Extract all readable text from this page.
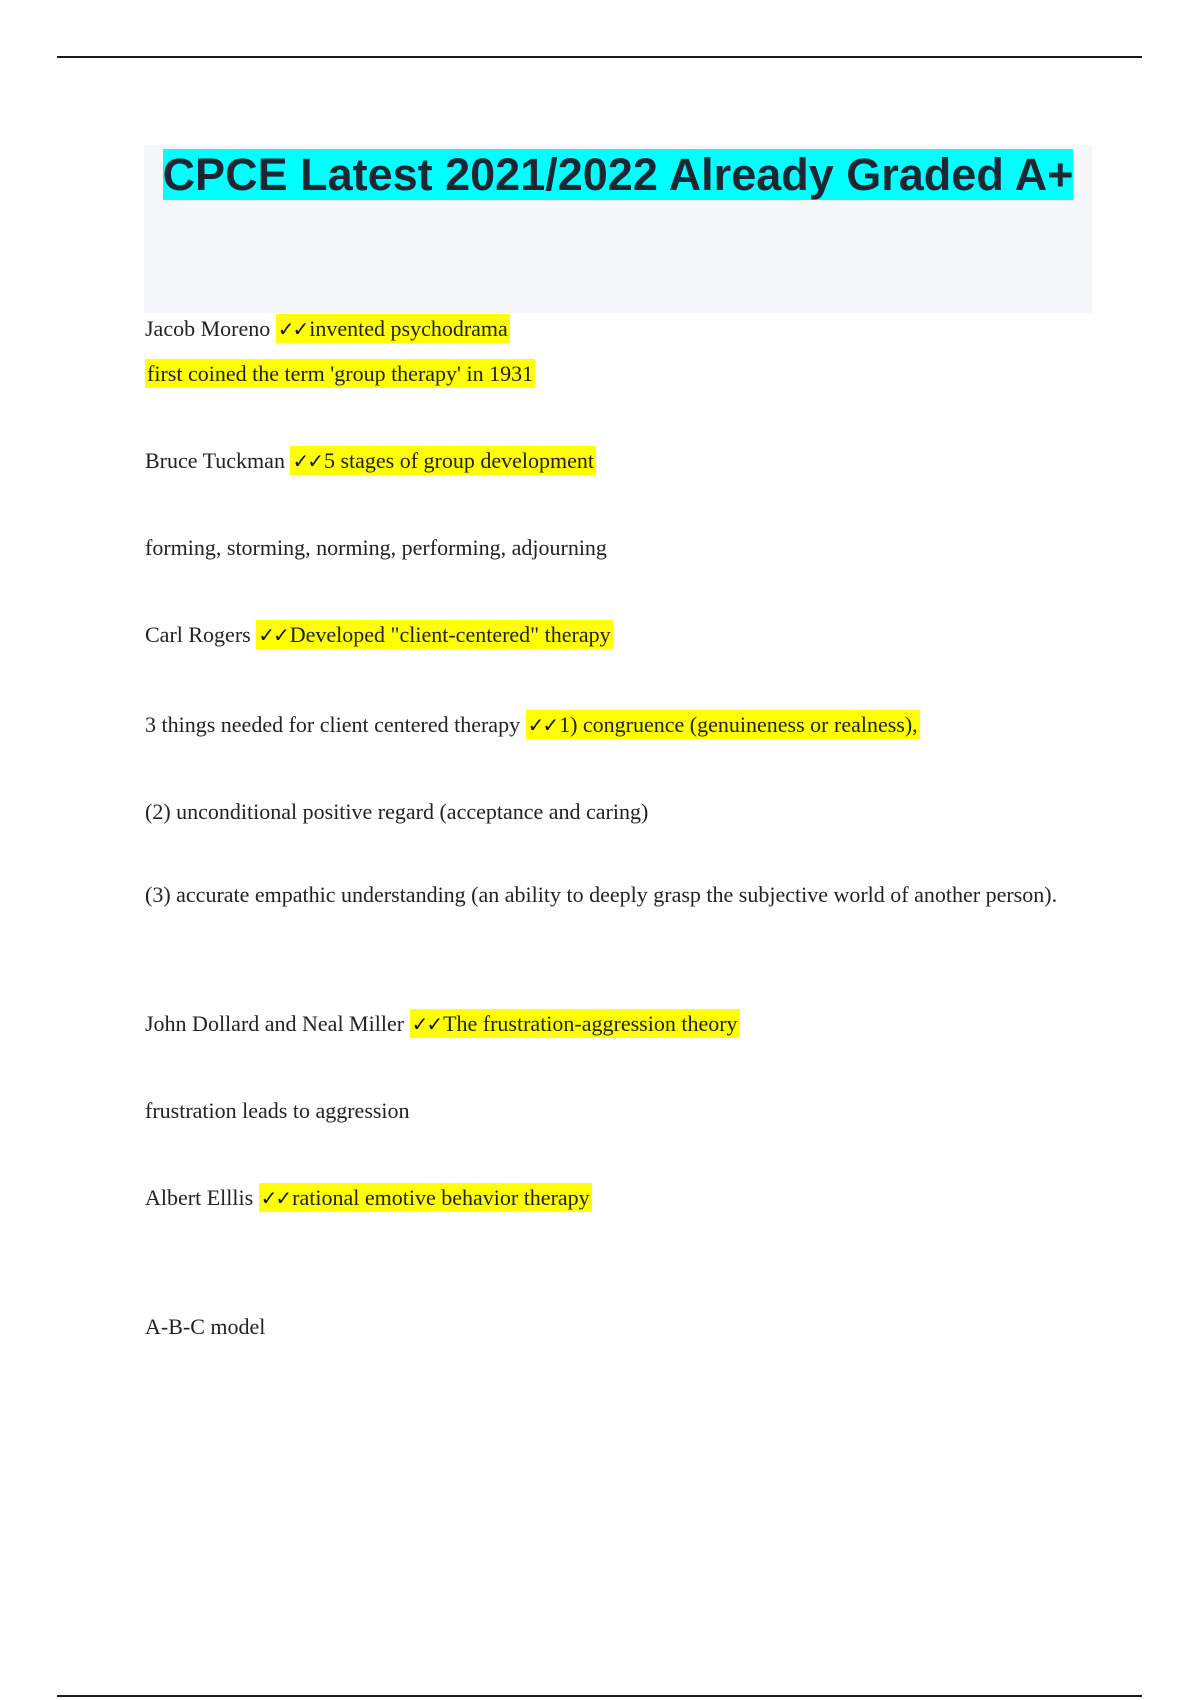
CPCE Latest 2021/2022 Already Graded A+
Jacob Moreno ✓✓invented psychodrama
first coined the term 'group therapy' in 1931
Bruce Tuckman ✓✓5 stages of group development
forming, storming, norming, performing, adjourning
Carl Rogers ✓✓Developed "client-centered" therapy
3 things needed for client centered therapy ✓✓1) congruence (genuineness or realness),
(2) unconditional positive regard (acceptance and caring)
(3) accurate empathic understanding (an ability to deeply grasp the subjective world of another person).
John Dollard and Neal Miller ✓✓The frustration-aggression theory
frustration leads to aggression
Albert Elllis ✓✓rational emotive behavior therapy
A-B-C model
